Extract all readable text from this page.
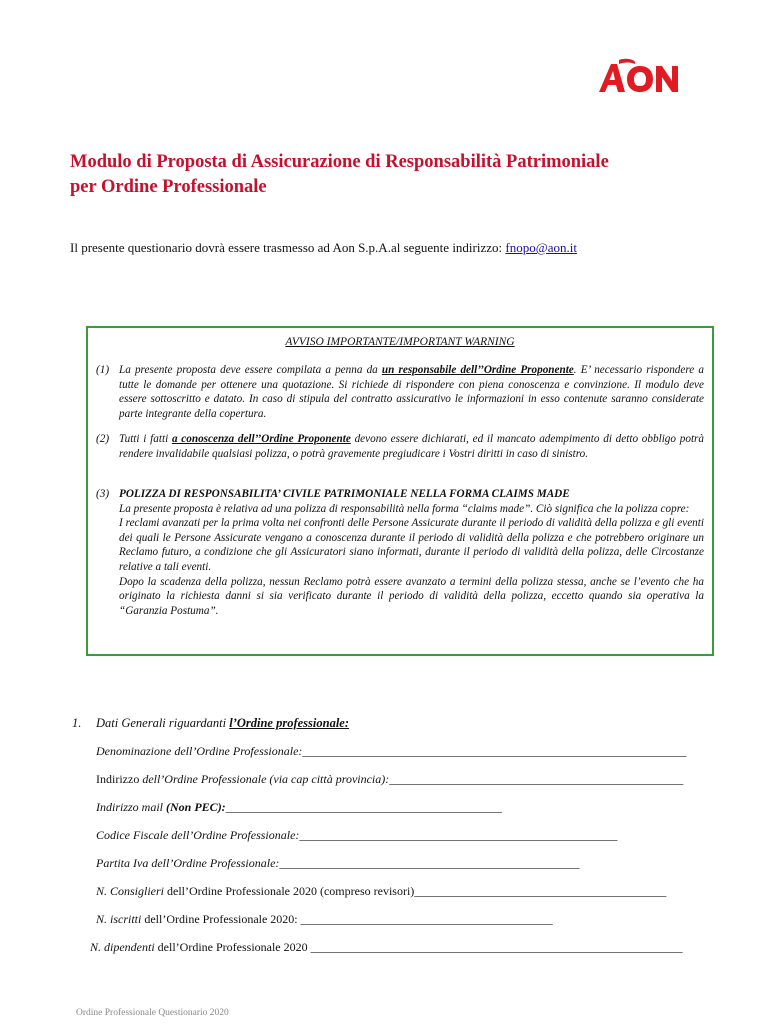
Modulo di Proposta di Assicurazione di Responsabilità Patrimoniale
per Ordine Professionale
Il presente questionario dovrà essere trasmesso ad Aon S.p.A.al seguente indirizzo: fnopo@aon.it
AVVISO IMPORTANTE/IMPORTANT WARNING
(1) La presente proposta deve essere compilata a penna da un responsabile dell’’Ordine Proponente. E’ necessario rispondere a tutte le domande per ottenere una quotazione. Si richiede di rispondere con piena conoscenza e convinzione. Il modulo deve essere sottoscritto e datato. In caso di stipula del contratto assicurativo le informazioni in esso contenute saranno considerate parte integrante della copertura.
(2) Tutti i fatti a conoscenza dell’’Ordine Proponente devono essere dichiarati, ed il mancato adempimento di detto obbligo potrà rendere invalidabile qualsiasi polizza, o potrà gravemente pregiudicare i Vostri diritti in caso di sinistro.
(3) POLIZZA DI RESPONSABILITA’ CIVILE PATRIMONIALE NELLA FORMA CLAIMS MADE
La presente proposta è relativa ad una polizza di responsabilità nella forma “claims made”. Ciò significa che la polizza copre:
I reclami avanzati per la prima volta nei confronti delle Persone Assicurate durante il periodo di validità della polizza e gli eventi dei quali le Persone Assicurate vengano a conoscenza durante il periodo di validità della polizza e che potrebbero originare un Reclamo futuro, a condizione che gli Assicuratori siano informati, durante il periodo di validità della polizza, delle Circostanze relative a tali eventi.
Dopo la scadenza della polizza, nessun Reclamo potrà essere avanzato a termini della polizza stessa, anche se l’evento che ha originato la richiesta danni si sia verificato durante il periodo di validità della polizza, eccetto quando sia operativa la “Garanzia Postuma”.
1. Dati Generali riguardanti l’Ordine professionale:
Denominazione dell’Ordine Professionale:________________________________________________________________
Indirizzo dell’Ordine Professionale (via cap città provincia):_________________________________________________
Indirizzo mail (Non PEC):______________________________________________
Codice Fiscale dell’Ordine Professionale:_____________________________________________________
Partita Iva dell’Ordine Professionale:__________________________________________________
N. Consiglieri dell’Ordine Professionale 2020 (compreso revisori)__________________________________________
N. iscritti dell’Ordine Professionale 2020: __________________________________________
N. dipendenti dell’Ordine Professionale 2020 ______________________________________________________________
Ordine Professionale Questionario 2020
